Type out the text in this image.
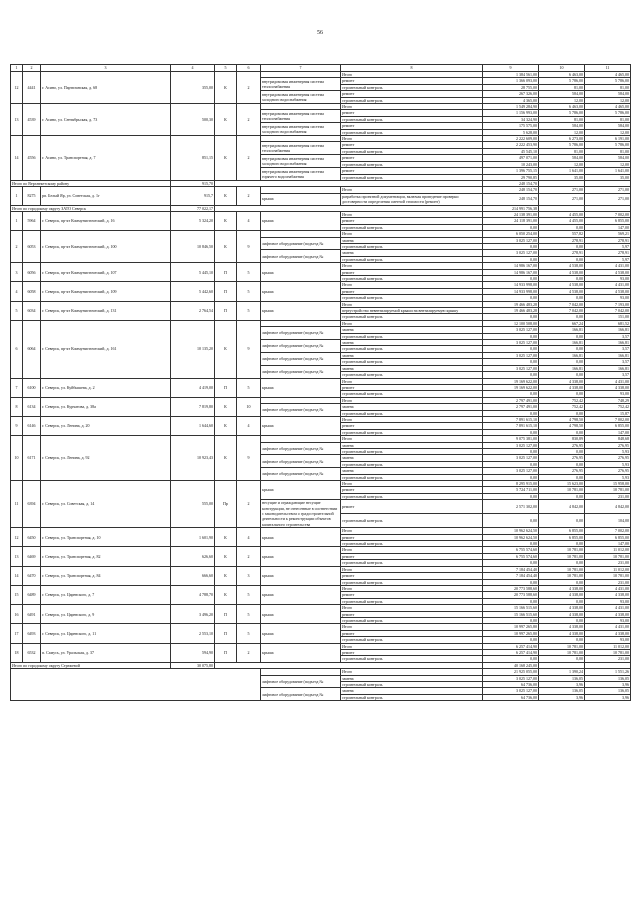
56
1	2	3	4	5	6	7	8	9	10	11
12	4441	г. Асино, ул. Партизанская, д. 68	355,00	К	2		Итого	1 384 561,00	6 463,00	4 465,00
						внутридомовая инженерная система теплоснабжения	ремонт	1 366 093,00	5 786,00	5 786,00
							строительный контроль	28 755,00	81,00	81,00
						внутридомовая инженерная система холодного водоснабжения	ремонт	267 326,00	584,00	584,00
							строительный контроль	4 365,00	12,00	12,00
13	4539	г. Асино, ул. Сентябрьская, д. 73	500,30	К	2		Итого	1 549 284,90	6 463,00	4 465,00
						внутридомовая инженерная система теплоснабжения	ремонт	1 156 993,00	5 786,00	5 786,00
							строительный контроль	34 324,90	81,00	81,00
						внутридомовая инженерная система холодного водоснабжения	ремонт	175 575,00	584,00	584,00
							строительный контроль	5 628,00	12,00	12,00
14	4556	г. Асино, ул. Транспортная, д. 7	851,15	К	2		Итого	2 222 609,00	6 273,00	6 191,00
						внутридомовая инженерная система теплоснабжения	ремонт	2 222 453,90	5 786,00	5 786,00
							строительный контроль	45 545,10	81,00	81,00
						внутридомовая инженерная система холодного водоснабжения	ремонт	497 071,00	584,00	584,00
							строительный контроль	10 243,00	12,00	12,00
						внутридомовая инженерная система горячего водоснабжения	ремонт	1 396 755,15	1 641,00	1 641,00
							строительный контроль	29 790,85	35,00	35,00
Итого по Верхнекетскому району			915,70					248 154,70		
1	8275	рп. Белый Яр, ул. Советская, д. 1г	915,7	К	2		Итого	248 154,70	271,00	271,00
						крыша	разработка проектной документации, включая проведение проверки достоверности определения сметной стоимости (ремонт)	248 154,70	271,00	271,00
Итого по городскому округу ЗАТО Северск			77 022,17					214 991 756,38		
1	5964	г. Северск, пр-кт Коммунистический, д. 16	5 324,20	К	4	крыша	Итого	24 138 391,00	4 455,00	7 002,00
							ремонт	24 118 391,00	4 455,00	6 855,00
							строительный контроль	0,00	0,00	147,00
2	6053	г. Северск, пр-кт Коммунистический, д. 100	10 846,50	К	9		Итого	6 050 254,00	557,82	569,21
						лифтовое оборудование (подъезд №	замена	3 025 127,00	278,91	278,91
							строительный контроль	0,00	0,00	5,97
						лифтовое оборудование (подъезд №	замена	3 025 127,00	278,91	278,91
							строительный контроль	0,00	0,00	5,97
3	6056	г. Северск, пр-кт Коммунистический, д. 107	5 445,10	П	5	крыша	Итого	14 986 167,00	4 538,00	4 431,00
							ремонт	14 986 167,00	4 538,00	4 538,00
							строительный контроль	0,00	0,00	93,00
4	6058	г. Северск, пр-кт Коммунистический, д. 109	5 442,60	П	5	крыша	Итого	14 933 998,00	4 538,00	4 431,00
							ремонт	14 933 998,00	4 538,00	4 538,00
							строительный контроль	0,00	0,00	93,00
5	6034	г. Северск, пр-кт Коммунистический, д. 131	2 764,54	П	5	крыша	Итого	19 466 483,28	7 042,00	7 193,00
							переустройство невентилируемой крыши на вентилируемую крышу	19 466 483,28	7 042,00	7 042,00
							строительный контроль	0,00	0,00	151,00
6	6064	г. Северск, пр-кт Коммунистический, д. 161	10 135,20	К	9		Итого	12 100 508,00	667,24	681,52
						лифтовое оборудование (подъезд №	замена	3 025 127,00	166,81	166,81
							строительный контроль	0,00	0,00	3,57
						лифтовое оборудование (подъезд №	замена	3 025 127,00	166,81	166,81
							строительный контроль	0,00	0,00	3,57
						лифтовое оборудование (подъезд №	замена	3 025 127,00	166,81	166,81
							строительный контроль	0,00	0,00	3,57
						лифтовое оборудование (подъезд №	замена	3 025 127,00	166,81	166,81
							строительный контроль	0,00	0,00	3,57
7	6100	г. Северск, ул. Куйбышева, д. 2	4 419,00	П	5	крыша	Итого	19 169 622,00	4 338,00	4 431,00
							ремонт	19 169 622,00	4 338,00	4 338,00
							строительный контроль	0,00	0,00	93,00
8	6134	г. Северск, ул. Курчатова, д. 38а	7 819,80	К	10		Итого	2 797 491,00	752,42	748,29
						лифтовое оборудование (подъезд №	замена	2 797 491,00	752,42	752,42
							строительный контроль	0,00	0,00	15,87
9	6146	г. Северск, ул. Ленина, д. 20	1 644,60	К	4	крыша	Итого	7 891 615,10	4 798,50	7 002,00
							ремонт	7 891 615,10	4 798,50	6 855,00
							строительный контроль	0,00	0,00	147,00
10	6171	г. Северск, ул. Ленина, д. 92	10 923,43	К	9		Итого	9 075 381,00	830,89	848,68
						лифтовое оборудование (подъезд №	замена	3 025 127,00	276,95	276,95
							строительный контроль	0,00	0,00	5,93
						лифтовое оборудование (подъезд №	замена	3 025 127,00	276,95	276,95
							строительный контроль	0,00	0,00	5,93
						лифтовое оборудование (подъезд №	замена	3 025 127,00	276,95	276,95
							строительный контроль	0,00	0,00	5,93
11	6394	г. Северск, ул. Советская, д. 14	555,00	Пр	2	крыша	Итого	8 295 915,00	15 623,00	15 958,00
							ремонт	5 724 711,00	10 781,00	10 781,00
							строительный контроль	0,00	0,00	231,00
						несущие и ограждающие несущие конструкции, не отнесенные в соответствии с законодательством о градостроительной деятельности к реконструкции объектов капитального строительства	ремонт	2 571 302,00	4 842,00	4 842,00
							строительный контроль	0,00	0,00	104,00
12	6450	г. Северск, ул. Транспортная, д. 10	1 601,90	К	4	крыша	Итого	10 962 624,50	6 855,00	7 002,00
							ремонт	10 962 624,50	6 855,00	6 855,00
							строительный контроль	0,00	0,00	147,00
13	6469	г. Северск, ул. Транспортная, д. 82	626,60	К	2	крыша	Итого	6 755 574,60	10 781,00	11 012,00
							ремонт	6 755 574,60	10 781,00	10 781,00
							строительный контроль	0,00	0,00	231,00
14	6470	г. Северск, ул. Транспортная, д. 84	666,60	К	3	крыша	Итого	7 184 454,40	10 781,00	11 012,00
							ремонт	7 184 454,40	10 781,00	10 781,00
							строительный контроль	0,00	0,00	231,00
15	6489	г. Северск, ул. Царевского, д. 7	4 788,70	К	5	крыша	Итого	20 773 588,60	4 338,00	4 431,00
							ремонт	20 773 588,60	4 338,00	4 338,00
							строительный контроль	0,00	0,00	93,00
16	6491	г. Северск, ул. Царевского, д. 9	3 496,20	П	5	крыша	Итого	15 166 515,60	4 338,00	4 431,00
							ремонт	15 166 515,60	4 338,00	4 338,00
							строительный контроль	0,00	0,00	93,00
17	6493	г. Северск, ул. Царевского, д. 11	2 553,10	П	5	крыша	Итого	10 997 265,80	4 338,00	4 431,00
							ремонт	10 997 265,80	4 338,00	4 338,00
							строительный контроль	0,00	0,00	93,00
18	6532	п. Самусь, ул. Уральская, д. 37	594,90	П	2	крыша	Итого	6 257 414,90	10 781,00	11 012,00
							ремонт	6 257 414,90	10 781,00	10 781,00
							строительный контроль	0,00	0,00	231,00
Итого по городскому округу Стрежевой			30 075,80					40 168 245,00		
							Итого	21 925 055,00	1 390,24	1 551,26
						лифтовое оборудование (подъезд №	замена	3 025 127,00	136,05	136,05
							строительный контроль	64 736,00	3,96	3,96
						лифтовое оборудование (подъезд №	замена	3 025 127,00	136,05	136,05
							строительный контроль	64 736,00	3,96	3,96
